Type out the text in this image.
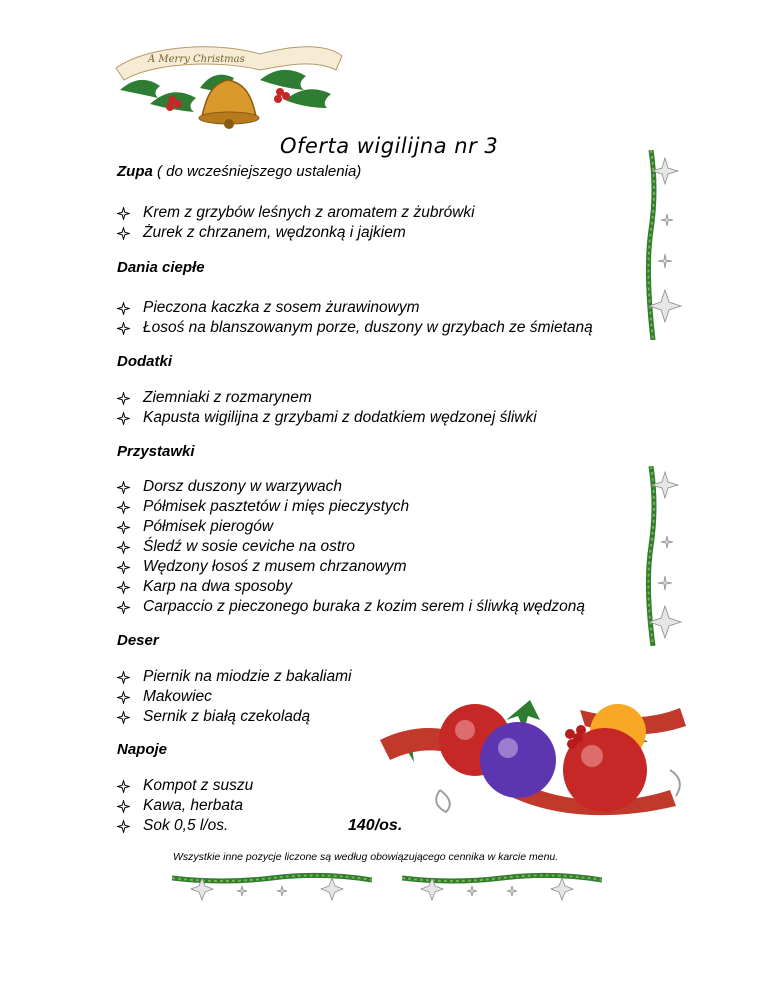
A Merry Christmas
Oferta wigilijna nr 3
Zupa ( do wcześniejszego ustalenia)
Krem z grzybów leśnych z aromatem z żubrówki
Żurek z chrzanem, wędzonką i jajkiem
Dania ciepłe
Pieczona kaczka z sosem żurawinowym
Łosoś na blanszowanym porze, duszony w grzybach ze śmietaną
Dodatki
Ziemniaki z rozmarynem
Kapusta wigilijna z grzybami z dodatkiem wędzonej śliwki
Przystawki
Dorsz duszony w warzywach
Półmisek pasztetów i mięs pieczystych
Półmisek pierogów
Śledź w sosie ceviche na ostro
Wędzony łosoś z musem chrzanowym
Karp na dwa sposoby
Carpaccio z pieczonego buraka z kozim serem i śliwką wędzoną
Deser
Piernik na miodzie z bakaliami
Makowiec
Sernik z białą czekoladą
Napoje
Kompot z suszu
Kawa, herbata
Sok 0,5 l/os.	140/os.
Wszystkie inne pozycje liczone są według obowiązującego cennika w karcie menu.
